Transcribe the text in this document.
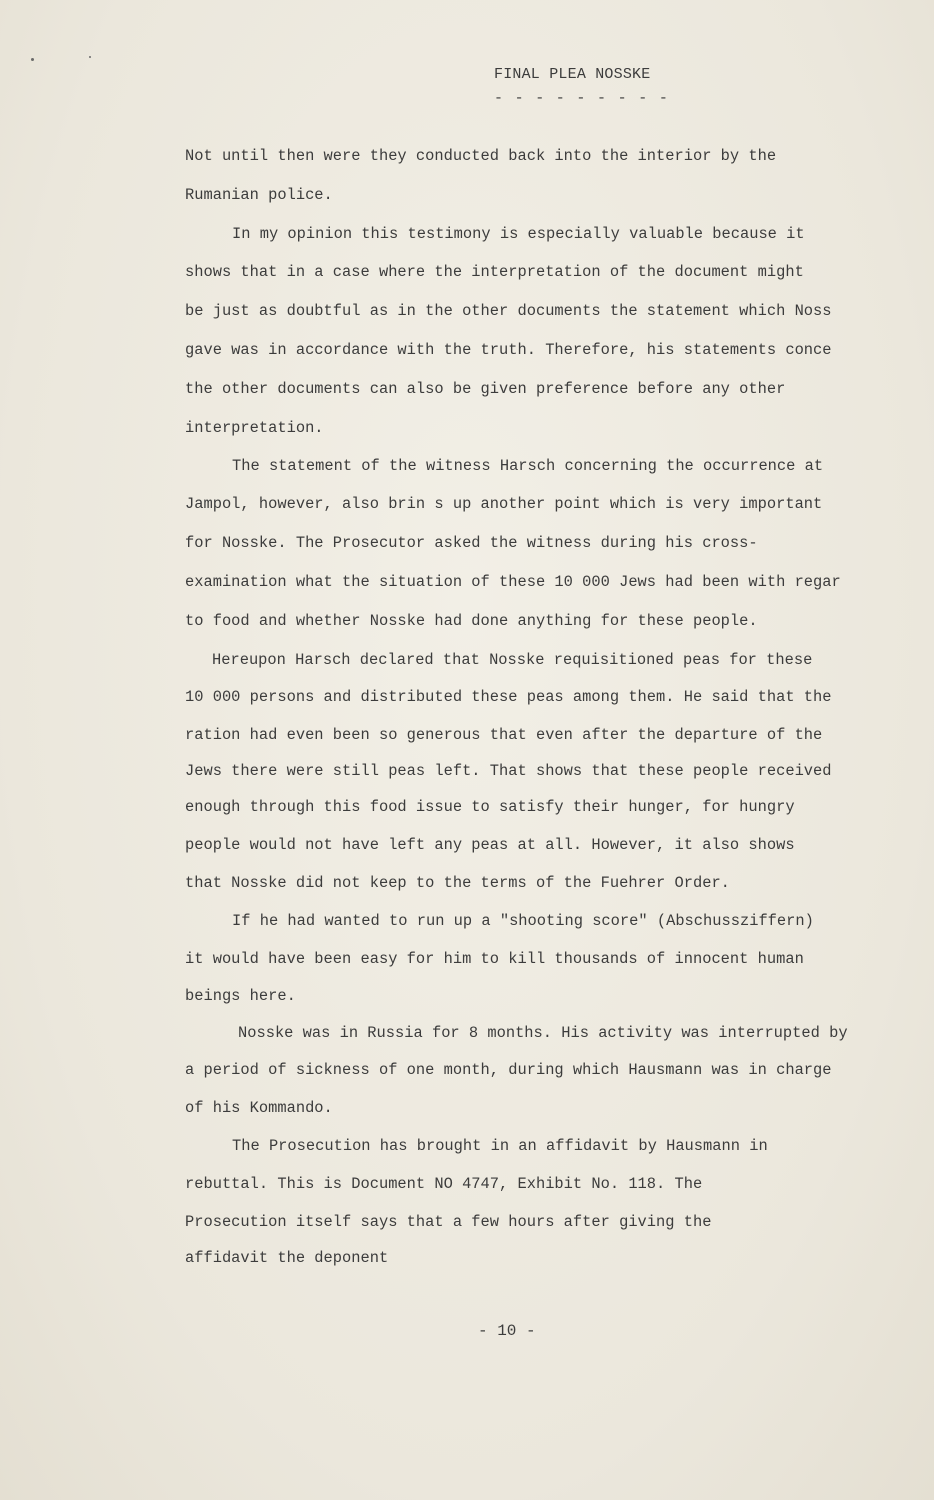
FINAL PLEA NOSSKE
- - - - - - - - -
Not until then were they conducted back into the interior by the
Rumanian police.
In my opinion this testimony is especially valuable because it
shows that in a case where the interpretation of the document might
be just as doubtful as in the other documents the statement which Noss
gave was in accordance with the truth. Therefore, his statements conce
the other documents can also be given preference before any other
interpretation.
The statement of the witness Harsch concerning the occurrence at
Jampol, however, also brin s up another point which is very important
for Nosske. The Prosecutor asked the witness during his cross-
examination what the situation of these 10 000 Jews had been with regar
to food and whether Nosske had done anything for these people.
Hereupon Harsch declared that Nosske requisitioned peas for these
10 000 persons and distributed these peas among them. He said that the
ration had even been so generous that even after the departure of the
Jews there were still peas left. That shows that these people received
enough through this food issue to satisfy their hunger, for hungry
people would not have left any peas at all. However, it also shows
that Nosske did not keep to the terms of the Fuehrer Order.
If he had wanted to run up a "shooting score" (Abschussziffern)
it would have been easy for him to kill thousands of innocent human
beings here.
Nosske was in Russia for 8 months. His activity was interrupted by
a period of sickness of one month, during which Hausmann was in charge
of his Kommando.
The Prosecution has brought in an affidavit by Hausmann in
rebuttal. This is Document NO 4747, Exhibit No. 118. The
Prosecution itself says that a few hours after giving the
affidavit the deponent
- 10 -
